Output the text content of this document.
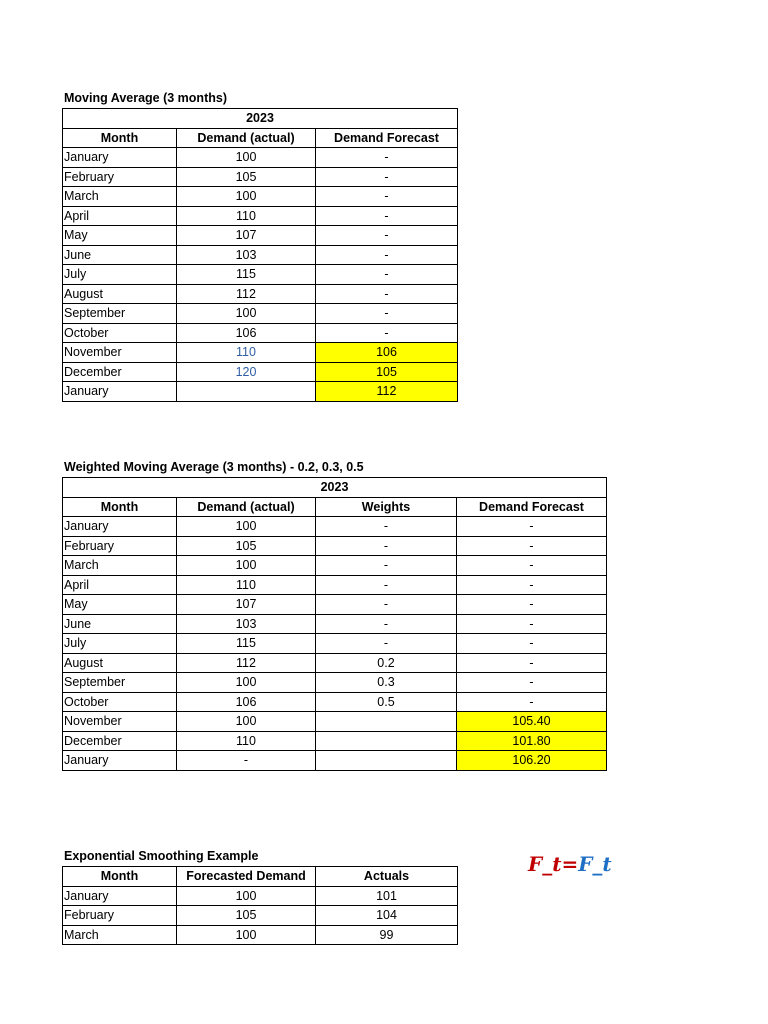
Moving Average (3 months)
2023		
Month	Demand (actual)	Demand Forecast
January	100	-
February	105	-
March	100	-
April	110	-
May	107	-
June	103	-
July	115	-
August	112	-
September	100	-
October	106	-
November	110	106
December	120	105
January		112
Weighted Moving Average (3 months) - 0.2, 0.3, 0.5
2023			
Month	Demand (actual)	Weights	Demand Forecast
January	100	-	-
February	105	-	-
March	100	-	-
April	110	-	-
May	107	-	-
June	103	-	-
July	115	-	-
August	112	0.2	-
September	100	0.3	-
October	106	0.5	-
November	100		105.40
December	110		101.80
January	-		106.20
Exponential Smoothing Example
Month	Forecasted Demand	Actuals
January	100	101
February	105	104
March	100	99
F_t=F_t
